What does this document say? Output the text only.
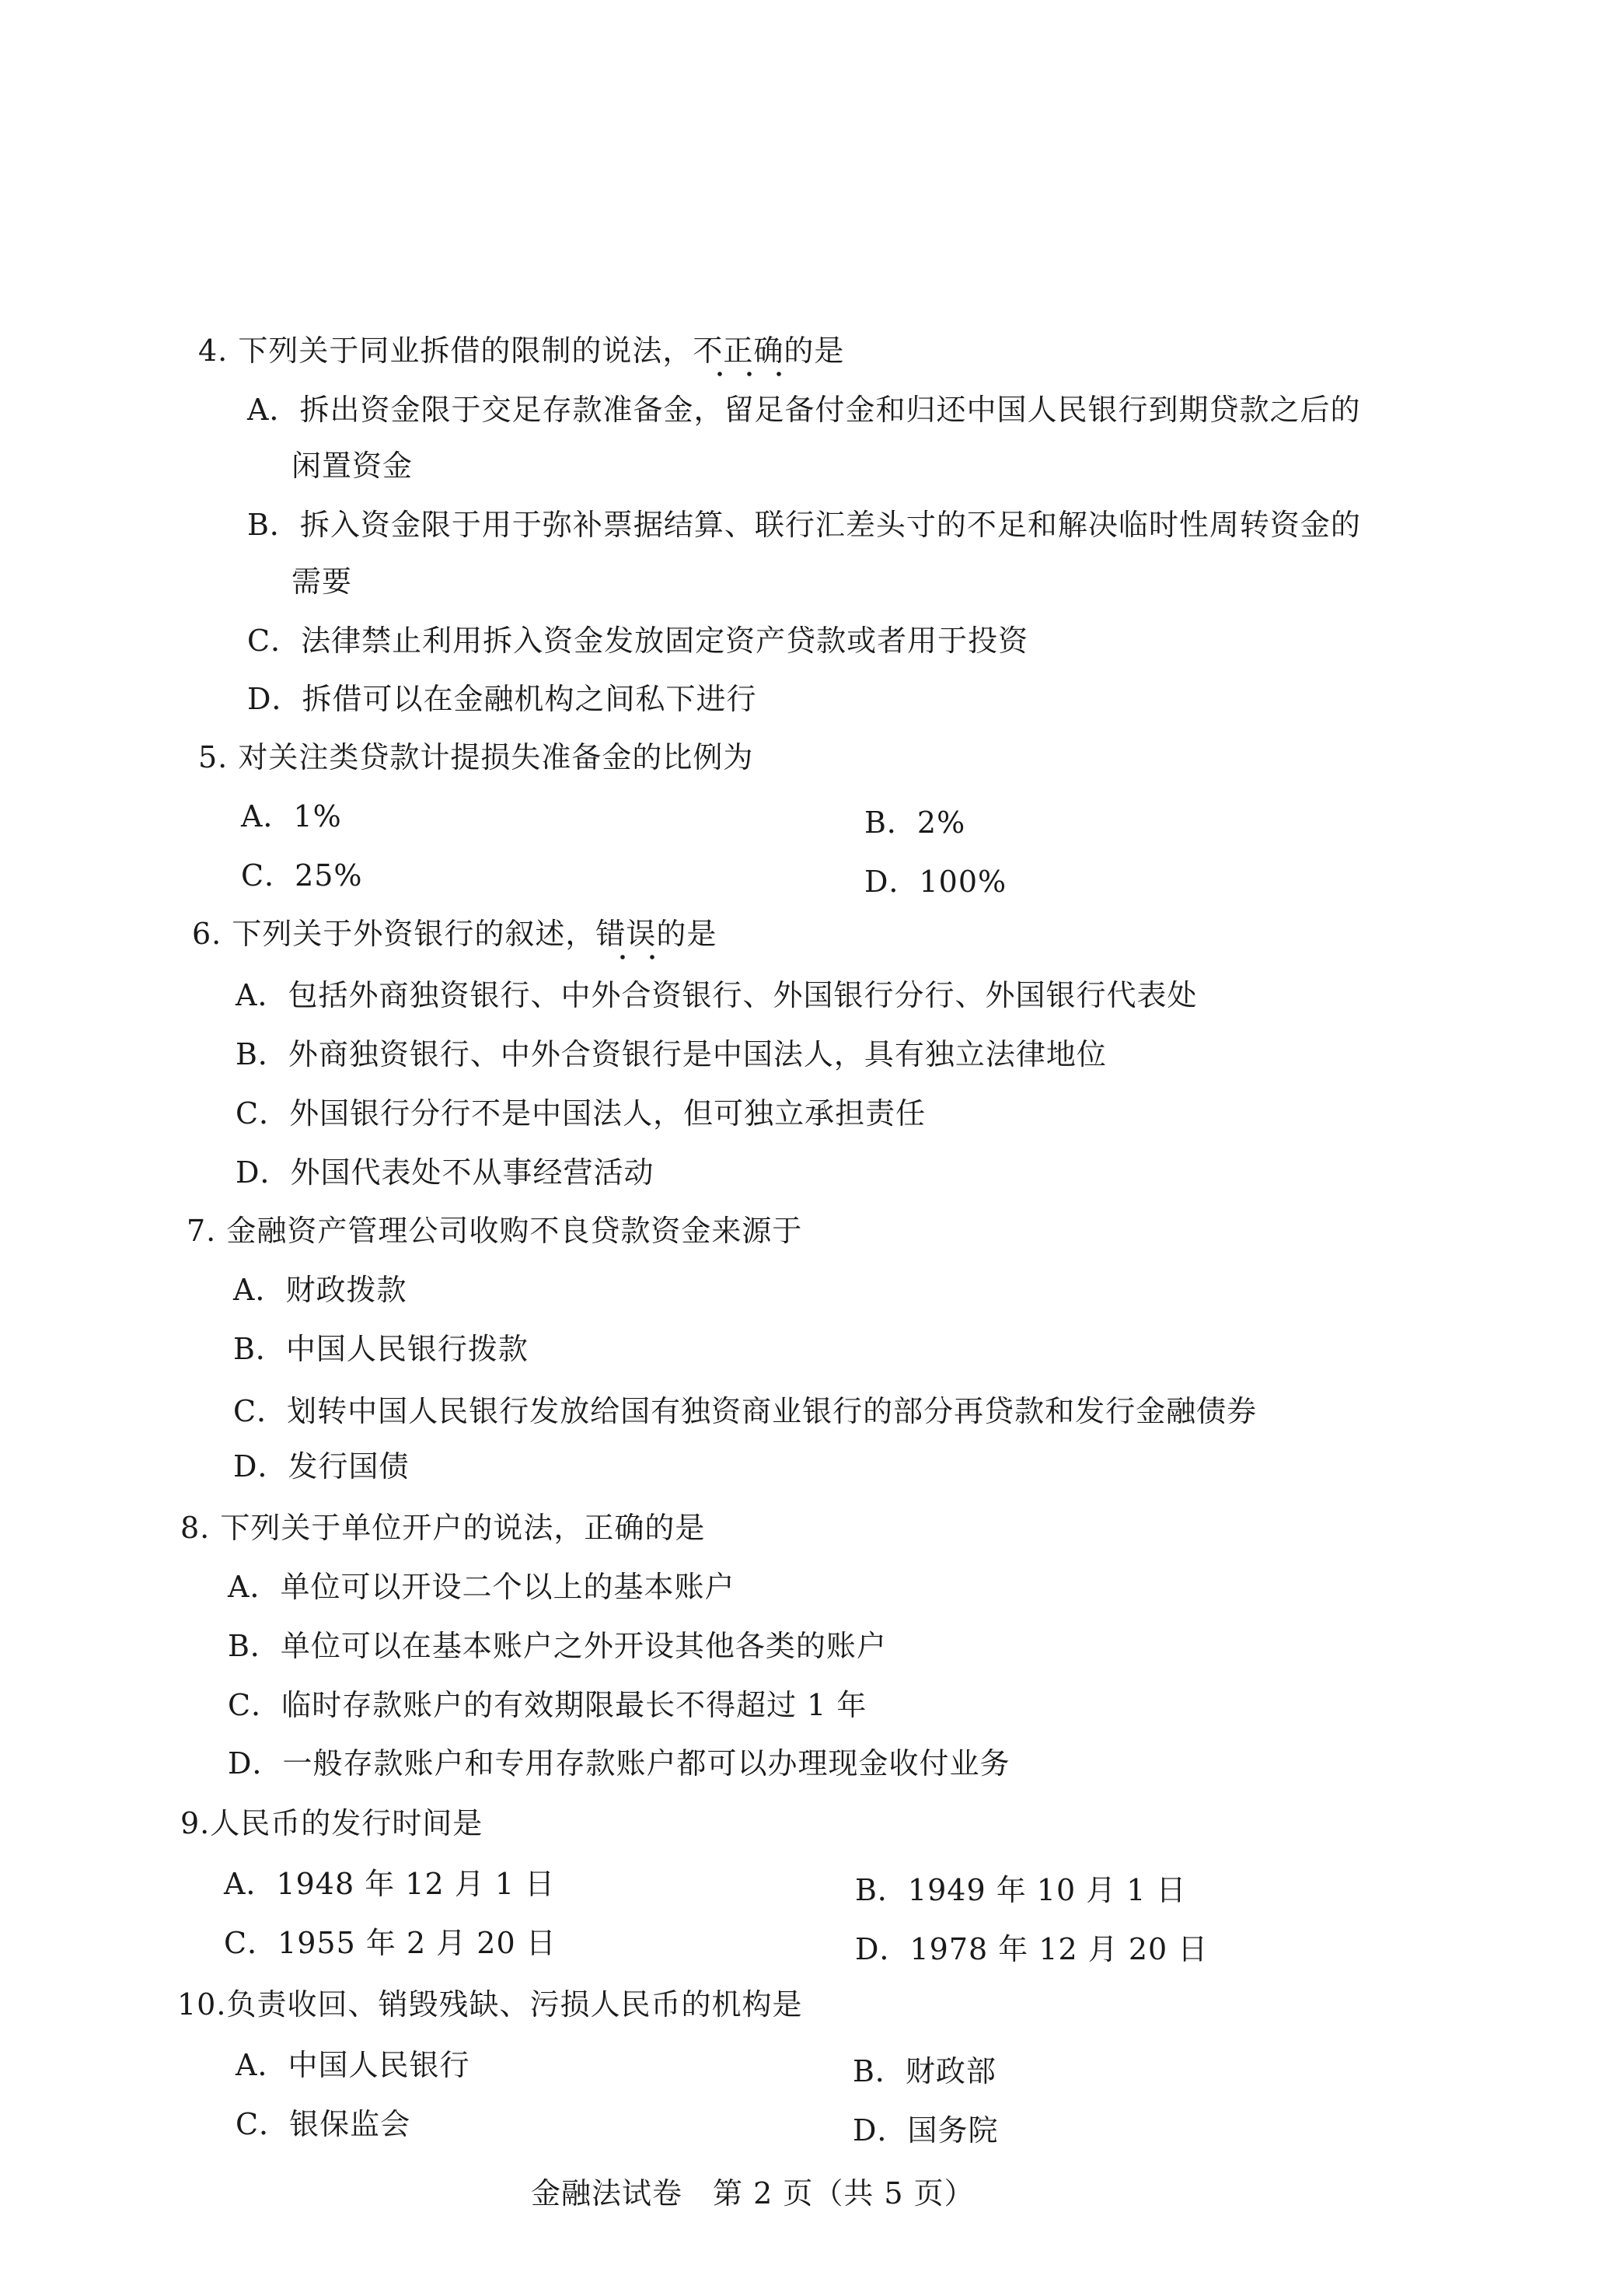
4. 下列关于同业拆借的限制的说法，不正确的是
A．拆出资金限于交足存款准备金，留足备付金和归还中国人民银行到期贷款之后的
闲置资金
B．拆入资金限于用于弥补票据结算、联行汇差头寸的不足和解决临时性周转资金的
需要
C．法律禁止利用拆入资金发放固定资产贷款或者用于投资
D．拆借可以在金融机构之间私下进行
5. 对关注类贷款计提损失准备金的比例为
A．1%	B．2%
C．25%	D．100%
6. 下列关于外资银行的叙述，错误的是
A．包括外商独资银行、中外合资银行、外国银行分行、外国银行代表处
B．外商独资银行、中外合资银行是中国法人，具有独立法律地位
C．外国银行分行不是中国法人，但可独立承担责任
D．外国代表处不从事经营活动
7. 金融资产管理公司收购不良贷款资金来源于
A．财政拨款
B．中国人民银行拨款
C．划转中国人民银行发放给国有独资商业银行的部分再贷款和发行金融债券
D．发行国债
8. 下列关于单位开户的说法，正确的是
A．单位可以开设二个以上的基本账户
B．单位可以在基本账户之外开设其他各类的账户
C．临时存款账户的有效期限最长不得超过 1 年
D．一般存款账户和专用存款账户都可以办理现金收付业务
9.人民币的发行时间是
A．1948 年 12 月 1 日	B．1949 年 10 月 1 日
C．1955 年 2 月 20 日	D．1978 年 12 月 20 日
10.负责收回、销毁残缺、污损人民币的机构是
A．中国人民银行	B．财政部
C．银保监会	D．国务院
金融法试卷　第 2 页（共 5 页）
